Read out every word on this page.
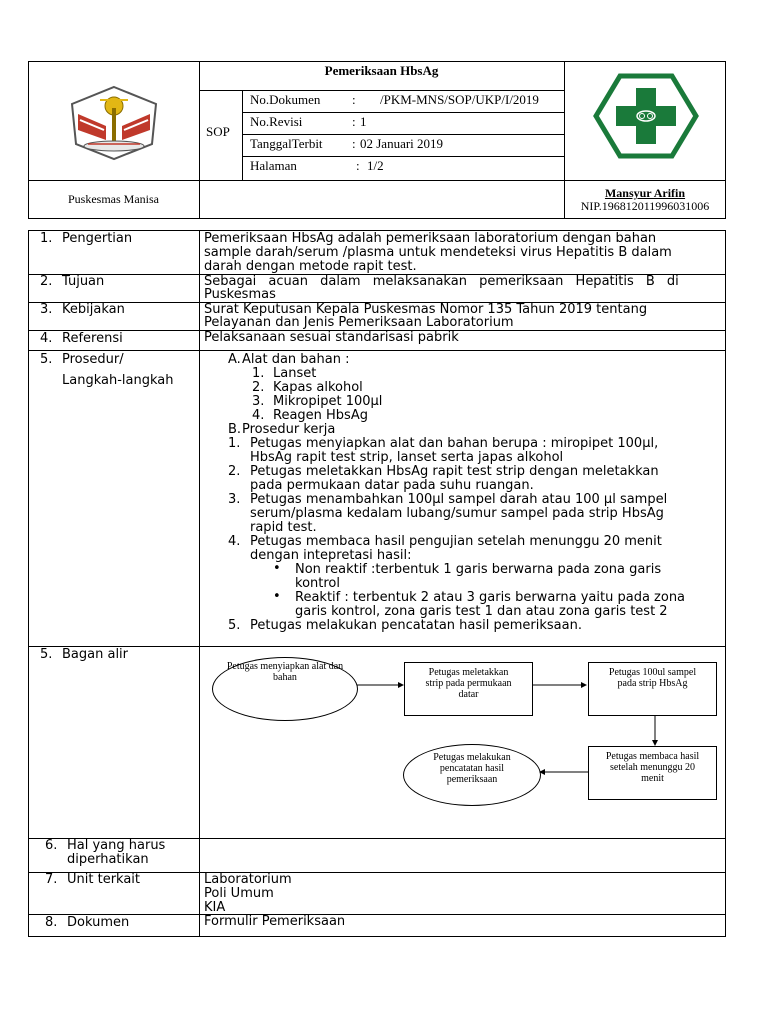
Pemeriksaan HbsAg
SOP
No.Dokumen : /PKM-MNS/SOP/UKP/I/2019
No.Revisi	: 1
TanggalTerbit : 02 Januari 2019
Halaman	: 1/2
Puskesmas Manisa	Mansyur Arifin
NIP.196812011996031006
1. Pengertian	Pemeriksaan HbsAg adalah pemeriksaan laboratorium dengan bahan
sample darah/serum /plasma untuk mendeteksi virus Hepatitis B dalam
darah dengan metode rapit test.
2. Tujuan	Sebagai acuan dalam melaksanakan pemeriksaan Hepatitis B di
Puskesmas
3. Kebijakan	Surat Keputusan Kepala Puskesmas Nomor 135 Tahun 2019 tentang
Pelayanan dan Jenis Pemeriksaan Laboratorium
4. Referensi	Pelaksanaan sesuai standarisasi pabrik
5. Prosedur/
Langkah-langkah
A. Alat dan bahan :
1. Lanset
2. Kapas alkohol
3. Mikropipet 100µl
4. Reagen HbsAg
B. Prosedur kerja
1. Petugas menyiapkan alat dan bahan berupa : miropipet 100µl,
HbsAg rapit test strip, lanset serta japas alkohol
2. Petugas meletakkan HbsAg rapit test strip dengan meletakkan
pada permukaan datar pada suhu ruangan.
3. Petugas menambahkan 100µl sampel darah atau 100 µl sampel
serum/plasma kedalam lubang/sumur sampel pada strip HbsAg
rapid test.
4. Petugas membaca hasil pengujian setelah menunggu 20 menit
dengan intepretasi hasil:
• Non reaktif :terbentuk 1 garis berwarna pada zona garis
kontrol
• Reaktif : terbentuk 2 atau 3 garis berwarna yaitu pada zona
garis kontrol, zona garis test 1 dan atau zona garis test 2
5. Petugas melakukan pencatatan hasil pemeriksaan.
5. Bagan alir
Petugas menyiapkan alat dan
bahan	Petugas meletakkan
strip pada permukaan
datar
Petugas 100ul sampel
pada strip HbsAg
Petugas membaca hasil
setelah menunggu 20
menit
Petugas melakukan
pencatatan hasil
pemeriksaan
6. Hal yang harus
diperhatikan
7. Unit terkait	Laboratorium
Poli Umum
KIA
8. Dokumen	Formulir Pemeriksaan
